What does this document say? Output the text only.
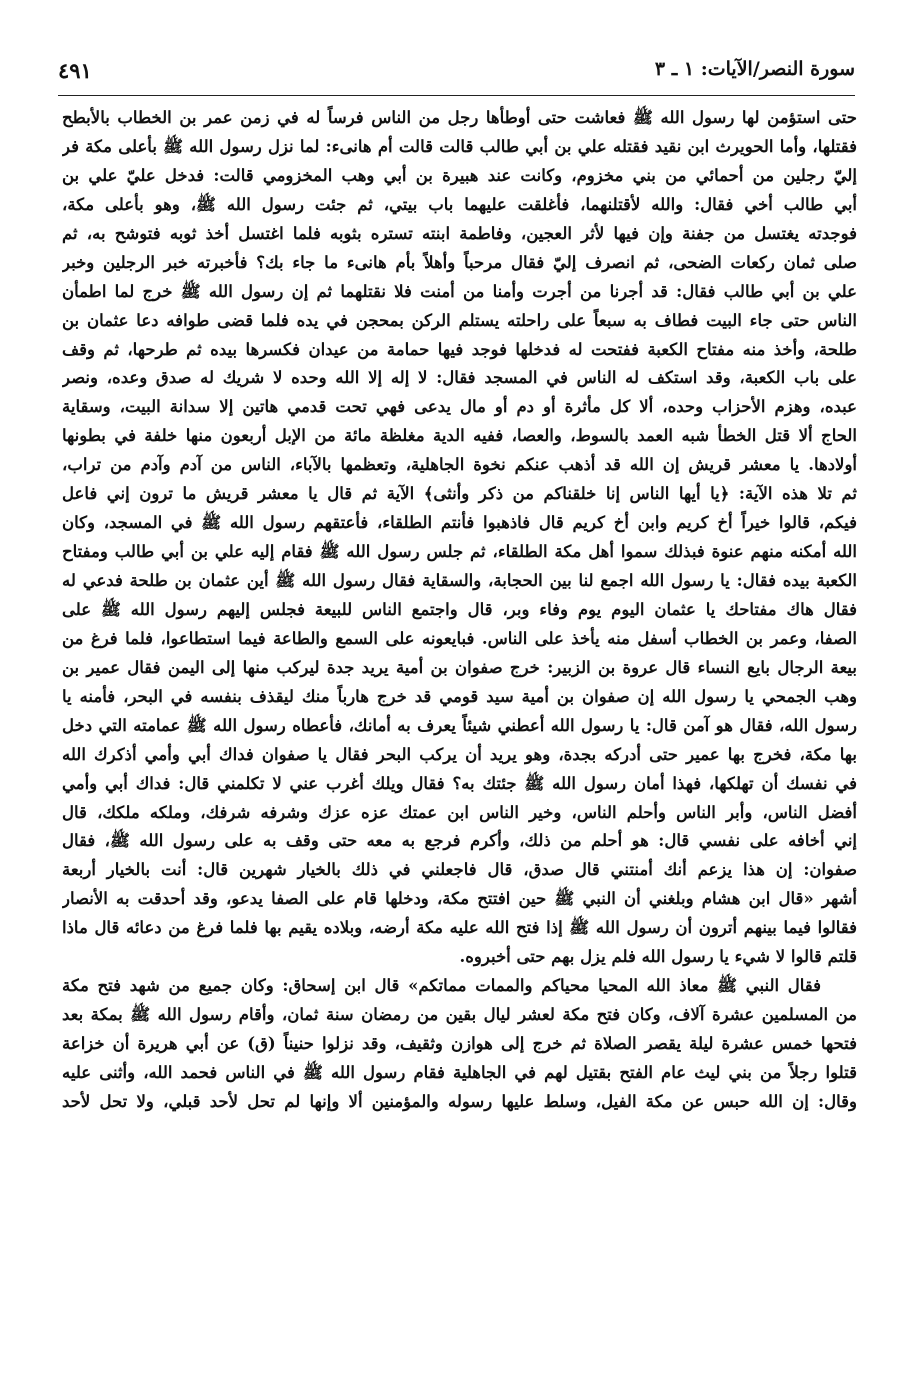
سورة النصر/الآيات: ١ ـ ٣
٤٩١
حتى استؤمن لها رسول الله ﷺ فعاشت حتى أوطأها رجل من الناس فرساً له في زمن عمر بن الخطاب بالأبطح
فقتلها، وأما الحويرث ابن نقيد فقتله علي بن أبي طالب قالت قالت أم هانىء: لما نزل رسول الله ﷺ بأعلى مكة فر
إليّ رجلين من أحمائي من بني مخزوم، وكانت عند هبيرة بن أبي وهب المخزومي قالت: فدخل عليّ علي بن
أبي طالب أخي فقال: والله لأقتلنهما، فأغلقت عليهما باب بيتي، ثم جئت رسول الله ﷺ، وهو بأعلى مكة،
فوجدته يغتسل من جفنة وإن فيها لأثر العجين، وفاطمة ابنته تستره بثوبه فلما اغتسل أخذ ثوبه فتوشح به، ثم
صلى ثمان ركعات الضحى، ثم انصرف إليّ فقال مرحباً وأهلاً بأم هانىء ما جاء بك؟ فأخبرته خبر الرجلين وخبر
علي بن أبي طالب فقال: قد أجرنا من أجرت وأمنا من أمنت فلا نقتلهما ثم إن رسول الله ﷺ خرج لما اطمأن
الناس حتى جاء البيت فطاف به سبعاً على راحلته يستلم الركن بمحجن في يده فلما قضى طوافه دعا عثمان بن
طلحة، وأخذ منه مفتاح الكعبة ففتحت له فدخلها فوجد فيها حمامة من عيدان فكسرها بيده ثم طرحها، ثم وقف
على باب الكعبة، وقد استكف له الناس في المسجد فقال: لا إله إلا الله وحده لا شريك له صدق وعده، ونصر
عبده، وهزم الأحزاب وحده، ألا كل مأثرة أو دم أو مال يدعى فهي تحت قدمي هاتين إلا سدانة البيت، وسقاية
الحاج ألا قتل الخطأ شبه العمد بالسوط، والعصا، ففيه الدية مغلظة مائة من الإبل أربعون منها خلفة في بطونها
أولادها. يا معشر قريش إن الله قد أذهب عنكم نخوة الجاهلية، وتعظمها بالآباء، الناس من آدم وآدم من تراب،
ثم تلا هذه الآية: ﴿يا أيها الناس إنا خلقناكم من ذكر وأنثى﴾ الآية ثم قال يا معشر قريش ما ترون إني فاعل
فيكم، قالوا خيراً أخ كريم وابن أخ كريم قال فاذهبوا فأنتم الطلقاء، فأعتقهم رسول الله ﷺ في المسجد، وكان
الله أمكنه منهم عنوة فبذلك سموا أهل مكة الطلقاء، ثم جلس رسول الله ﷺ فقام إليه علي بن أبي طالب ومفتاح
الكعبة بيده فقال: يا رسول الله اجمع لنا بين الحجابة، والسقاية فقال رسول الله ﷺ أين عثمان بن طلحة فدعي له
فقال هاك مفتاحك يا عثمان اليوم يوم وفاء وبر، قال واجتمع الناس للبيعة فجلس إليهم رسول الله ﷺ على
الصفا، وعمر بن الخطاب أسفل منه يأخذ على الناس. فبايعونه على السمع والطاعة فيما استطاعوا، فلما فرغ من
بيعة الرجال بايع النساء قال عروة بن الزبير: خرج صفوان بن أمية يريد جدة ليركب منها إلى اليمن فقال عمير بن
وهب الجمحي يا رسول الله إن صفوان بن أمية سيد قومي قد خرج هارباً منك ليقذف بنفسه في البحر، فأمنه يا
رسول الله، فقال هو آمن قال: يا رسول الله أعطني شيئاً يعرف به أمانك، فأعطاه رسول الله ﷺ عمامته التي دخل
بها مكة، فخرج بها عمير حتى أدركه بجدة، وهو يريد أن يركب البحر فقال يا صفوان فداك أبي وأمي أذكرك الله
في نفسك أن تهلكها، فهذا أمان رسول الله ﷺ جئتك به؟ فقال ويلك أغرب عني لا تكلمني قال: فداك أبي وأمي
أفضل الناس، وأبر الناس وأحلم الناس، وخير الناس ابن عمتك عزه عزك وشرفه شرفك، وملكه ملكك، قال
إني أخافه على نفسي قال: هو أحلم من ذلك، وأكرم فرجع به معه حتى وقف به على رسول الله ﷺ، فقال
صفوان: إن هذا يزعم أنك أمنتني قال صدق، قال فاجعلني في ذلك بالخيار شهرين قال: أنت بالخيار أربعة
أشهر «قال ابن هشام وبلغني أن النبي ﷺ حين افتتح مكة، ودخلها قام على الصفا يدعو، وقد أحدقت به الأنصار
فقالوا فيما بينهم أترون أن رسول الله ﷺ إذا فتح الله عليه مكة أرضه، وبلاده يقيم بها فلما فرغ من دعائه قال ماذا
قلتم قالوا لا شيء يا رسول الله فلم يزل بهم حتى أخبروه.
فقال النبي ﷺ معاذ الله المحيا محياكم والممات مماتكم» قال ابن إسحاق: وكان جميع من شهد فتح مكة
من المسلمين عشرة آلاف، وكان فتح مكة لعشر ليال بقين من رمضان سنة ثمان، وأقام رسول الله ﷺ بمكة بعد
فتحها خمس عشرة ليلة يقصر الصلاة ثم خرج إلى هوازن وثقيف، وقد نزلوا حنيناً (ق) عن أبي هريرة أن خزاعة
قتلوا رجلاً من بني ليث عام الفتح بقتيل لهم في الجاهلية فقام رسول الله ﷺ في الناس فحمد الله، وأثنى عليه
وقال: إن الله حبس عن مكة الفيل، وسلط عليها رسوله والمؤمنين ألا وإنها لم تحل لأحد قبلي، ولا تحل لأحد
